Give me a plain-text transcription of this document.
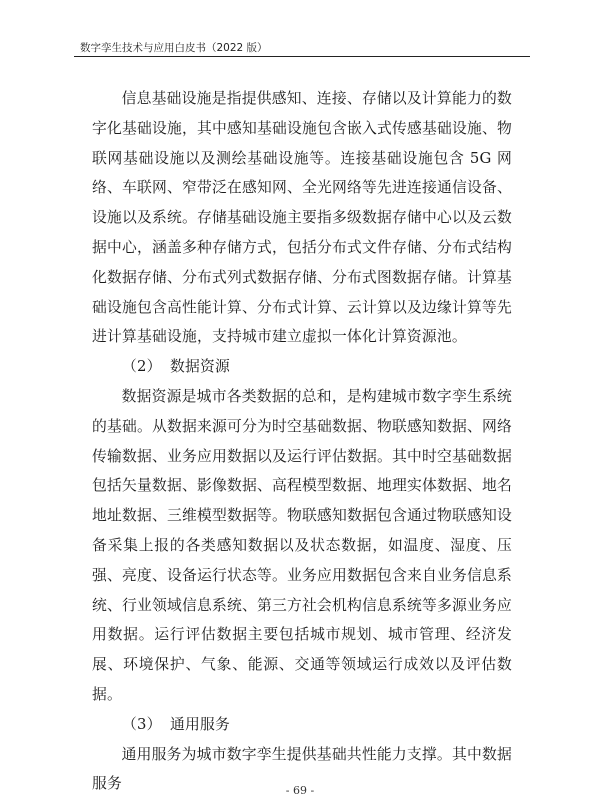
数字孪生技术与应用白皮书（2022 版）

信息基础设施是指提供感知、连接、存储以及计算能力的数字化基础设施，其中感知基础设施包含嵌入式传感基础设施、物联网基础设施以及测绘基础设施等。连接基础设施包含 5G 网络、车联网、窄带泛在感知网、全光网络等先进连接通信设备、设施以及系统。存储基础设施主要指多级数据存储中心以及云数据中心，涵盖多种存储方式，包括分布式文件存储、分布式结构化数据存储、分布式列式数据存储、分布式图数据存储。计算基础设施包含高性能计算、分布式计算、云计算以及边缘计算等先进计算基础设施，支持城市建立虚拟一体化计算资源池。

（2） 数据资源

数据资源是城市各类数据的总和，是构建城市数字孪生系统的基础。从数据来源可分为时空基础数据、物联感知数据、网络传输数据、业务应用数据以及运行评估数据。其中时空基础数据包括矢量数据、影像数据、高程模型数据、地理实体数据、地名地址数据、三维模型数据等。物联感知数据包含通过物联感知设备采集上报的各类感知数据以及状态数据，如温度、湿度、压强、亮度、设备运行状态等。业务应用数据包含来自业务信息系统、行业领域信息系统、第三方社会机构信息系统等多源业务应用数据。运行评估数据主要包括城市规划、城市管理、经济发展、环境保护、气象、能源、交通等领域运行成效以及评估数据。

（3） 通用服务

通用服务为城市数字孪生提供基础共性能力支撑。其中数据服务	- 69 -
